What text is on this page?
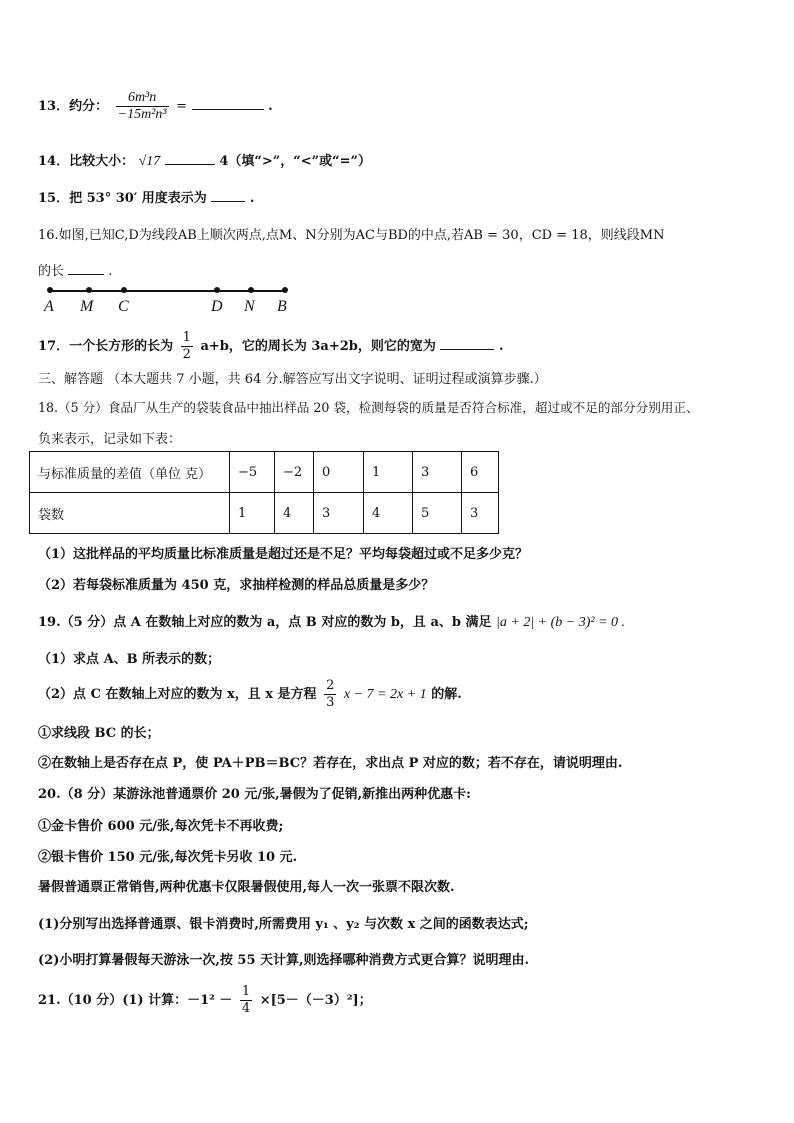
13．约分： $\frac{\text{6m³n}}{\text{−15m²n³}}$ =	.
14．比较大小： √17	4（填“>”，“<”或“=”）
15．把 53° 30′ 用度表示为	.
16.如图,已知C,D为线段AB上顺次两点,点M、N分别为AC与BD的中点,若AB = 30，CD = 18，则线段MN
的长	.
A M C	D N B
17．一个长方形的长为 $\frac{1}{2} a+b$，它的周长为 3a+2b，则它的宽为	.
三、解答题 （本大题共 7 小题，共 64 分.解答应写出文字说明、证明过程或演算步骤.）
18.（5 分）食品厂从生产的袋装食品中抽出样品 20 袋，检测每袋的质量是否符合标准，超过或不足的部分分别用正、
负来表示，记录如下表：
与标准质量的差值（单位 克）	−5	−2	0	1	3	6
袋数	1	4	3	4	5	3
（1）这批样品的平均质量比标准质量是超过还是不足？平均每袋超过或不足多少克？
（2）若每袋标准质量为 450 克，求抽样检测的样品总质量是多少？
19.（5 分）点 A 在数轴上对应的数为 a，点 B 对应的数为 b，且 a、b 满足 |a + 2| + (b − 3)² = 0 .
（1）求点 A、B 所表示的数；
（2）点 C 在数轴上对应的数为 x，且 x 是方程 $\frac{2}{3}$ x − 7 = 2x + 1 的解.
①求线段 BC 的长；
②在数轴上是否存在点 P，使 PA＋PB＝BC？若存在，求出点 P 对应的数；若不存在，请说明理由.
20.（8 分）某游泳池普通票价 20 元/张,暑假为了促销,新推出两种优惠卡:
①金卡售价 600 元/张,每次凭卡不再收费;
②银卡售价 150 元/张,每次凭卡另收 10 元.
暑假普通票正常销售,两种优惠卡仅限暑假使用,每人一次一张票不限次数.
(1)分别写出选择普通票、银卡消费时,所需费用 y₁ 、y₂ 与次数 x 之间的函数表达式;
(2)小明打算暑假每天游泳一次,按 55 天计算,则选择哪种消费方式更合算？说明理由.
21.（10 分）(1) 计算：$-1^2 - \frac{1}{4} \times[5-(-3)^2]$；
